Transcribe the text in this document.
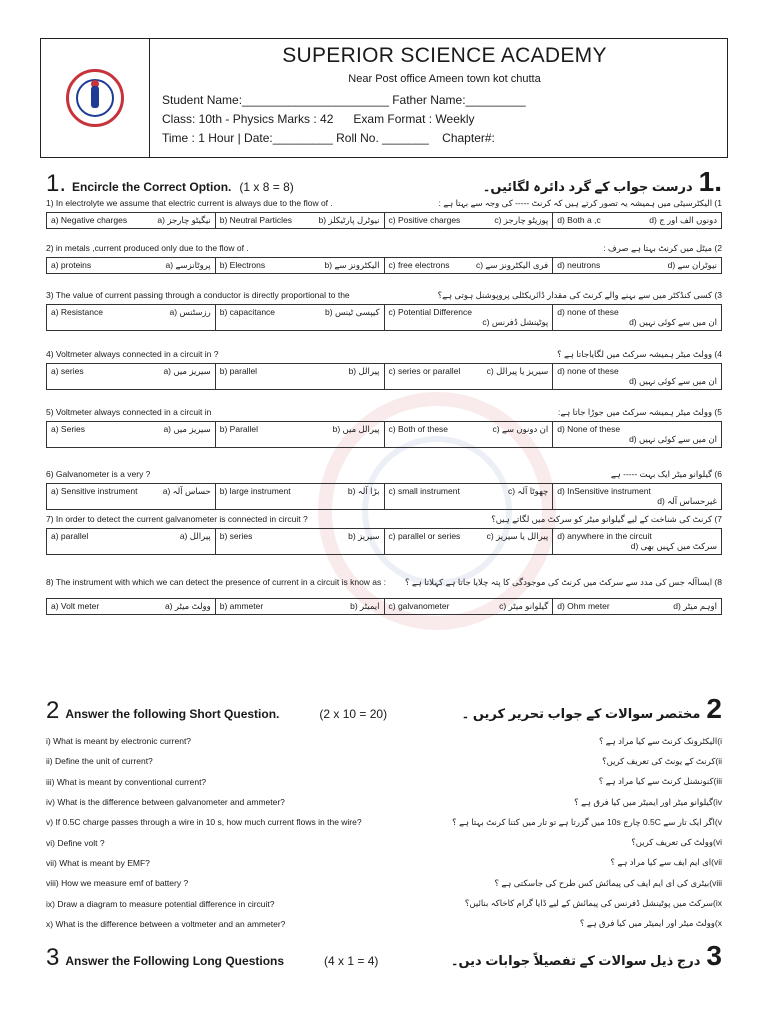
SUPERIOR SCIENCE ACADEMY
Near Post office Ameen town kot chutta
Student Name:______________________ Father Name:_________
Class: 10th - Physics Marks : 42      Exam Format : Weekly
Time : 1 Hour | Date:_________ Roll No. _______    Chapter#:
1. Encircle the Correct Option. (1 x 8 = 8)	.1
درست جواب کے گرد دائرہ لگائیں۔
1) In electrolyte we assume that electric current is always due to the flow of .	1) الیکٹرسیٹی میں ہمیشہ یہ تصور کرتے ہیں کہ کرنٹ ----- کی وجہ سے بہتا ہے :
a) Negative charges	نیگیٹو چارجز (a	b) Neutral Particles	نیوٹرل پارٹیکلز (b	c) Positive charges	پوزیٹو چارجز (c	d) Both a ,c	دونوں الف اور ج (d
2) in metals ,current produced only due to the flow of .	2) میٹل میں کرنٹ بہتا ہے صرف :
a) proteins	پروٹانزسے (a	b) Electrons	الیکٹرونز سے (b	c) free electrons	فری الیکٹرونز سے (c	d) neutrons	نیوٹران سے (d
3) The value of current passing through a conductor is directly proportional to the	3) کسی کنڈکٹر میں سے بہنے والے کرنٹ کی مقدار ڈائریکٹلی پروپوشنل ہوتی ہے؟
a) Resistance	رزسٹنس (a	b) capacitance	کیپسی ٹینس (b	c) Potential Difference
پوٹینشل ڈفرنس (c

d) none of these
ان میں سے کوئی نہیں (d
4) Voltmeter always connected in a circuit in ?	4) وولٹ میٹر ہمیشہ سرکٹ میں لگایاجاتا ہے ؟
a) series	سیریز میں (a	b) parallel	پیرالل (b	c) series or parallel	سیریز یا پیرالل (c	d) none of these
ان میں سے کوئی نہیں (d
5) Voltmeter always connected in a circuit in	5) وولٹ میٹر ہمیشہ سرکٹ میں جوڑا جاتا ہے:
a) Series	سیریز میں (a	b) Parallel	پیرالل میں (b	c) Both of these	ان دونوں سے (c	d) None of these
ان میں سے کوئی نہیں (d
6) Galvanometer is a very ?	6) گیلوانو میٹر ایک بہت ----- ہے
a) Sensitive instrument	حساس آلہ (a	b) large instrument	بڑا آلہ (b	c) small instrument	چھوٹا آلہ (c	d) InSensitive instrument
غیرحساس آلہ (d
7) In order to detect the current galvanometer is connected in circuit ?	7) کرنٹ کی شناخت کے لیے گیلوانو میٹر کو سرکٹ میں لگاتے ہیں؟
a) parallel	پیرالل (a	b) series	سیریز (b	c) parallel or series	پیرالل یا سیریز (c	d) anywhere in the circuit
سرکٹ میں کہیں بھی (d
8) The instrument with which we can detect the presence of current in a circuit is know as : 8) ایساآلہ جس کی مدد سے سرکٹ میں کرنٹ کی موجودگی کا پتہ چلایا جاتا ہے کہلاتا ہے ؟
a) Volt meter	وولٹ میٹر (a	b) ammeter	ایمیٹر (b	c) galvanometer	گیلوانو میٹر (c	d) Ohm meter	اوہم میٹر (d
2 Answer the following Short Question.	(2 x 10 = 20)	2
مختصر سوالات کے جواب تحریر کریں ۔
i) What is meant by electronic current?	i)الیکٹرونک کرنٹ سے کیا مراد ہے ؟
ii) Define the unit of current?	ii)کرنٹ کے یونٹ کی تعریف کریں؟
iii) What is meant by conventional current?	iii)کنونشنل کرنٹ سے کیا مراد ہے ؟
iv) What is the difference between galvanometer and ammeter?	iv)گیلوانو میٹر اور ایمیٹر میں کیا فرق ہے ؟
v) If 0.5C charge passes through a wire in 10 s, how much current flows in the wire?	v)اگر ایک تار سے 0.5C چارج 10s میں گزرتا ہے تو تار میں کتنا کرنٹ بہتا ہے ؟
vi) Define volt ?	vi)وولٹ کی تعریف کریں؟
vii) What is meant by EMF?	vii)ای ایم ایف سے کیا مراد ہے ؟
viii) How we measure emf of battery ?	viii)بیٹری کی ای ایم ایف کی پیمائش کس طرح کی جاسکتی ہے ؟
ix) Draw a diagram to measure potential difference in circuit?	ix)سرکٹ میں پوٹینشل ڈفرنس کی پیمائش کے لیے ڈایا گرام کاخاکہ بنائیں؟
x) What is the difference between a voltmeter and an ammeter?	x)وولٹ میٹر اور ایمیٹر میں کیا فرق ہے ؟
3 Answer the Following Long Questions	(4 x 1 = 4)	3
درج ذیل سوالات کے تفصیلاً جوابات دیں۔
